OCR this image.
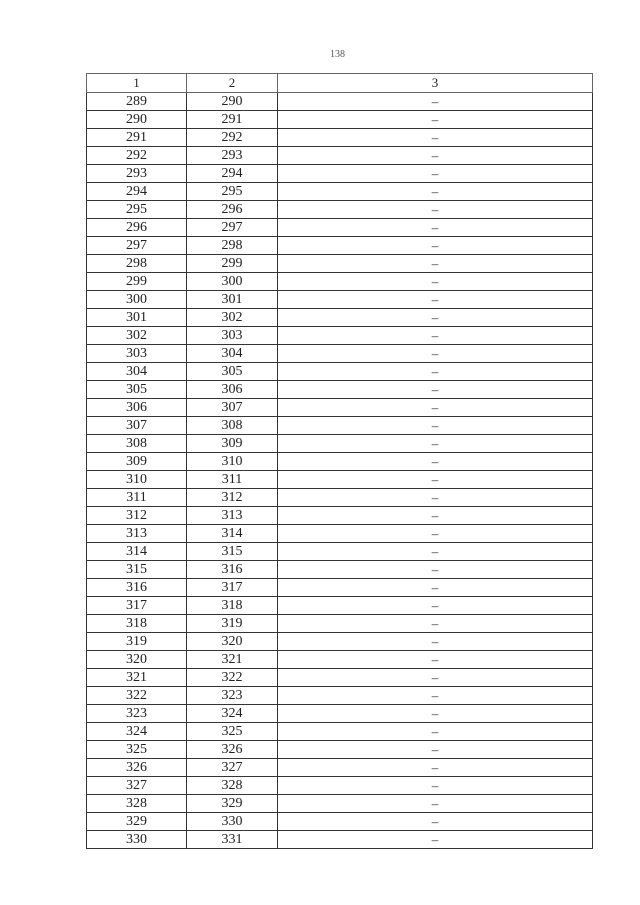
138
1	2	3
289	290	–
290	291	–
291	292	–
292	293	–
293	294	–
294	295	–
295	296	–
296	297	–
297	298	–
298	299	–
299	300	–
300	301	–
301	302	–
302	303	–
303	304	–
304	305	–
305	306	–
306	307	–
307	308	–
308	309	–
309	310	–
310	311	–
311	312	–
312	313	–
313	314	–
314	315	–
315	316	–
316	317	–
317	318	–
318	319	–
319	320	–
320	321	–
321	322	–
322	323	–
323	324	–
324	325	–
325	326	–
326	327	–
327	328	–
328	329	–
329	330	–
330	331	–
